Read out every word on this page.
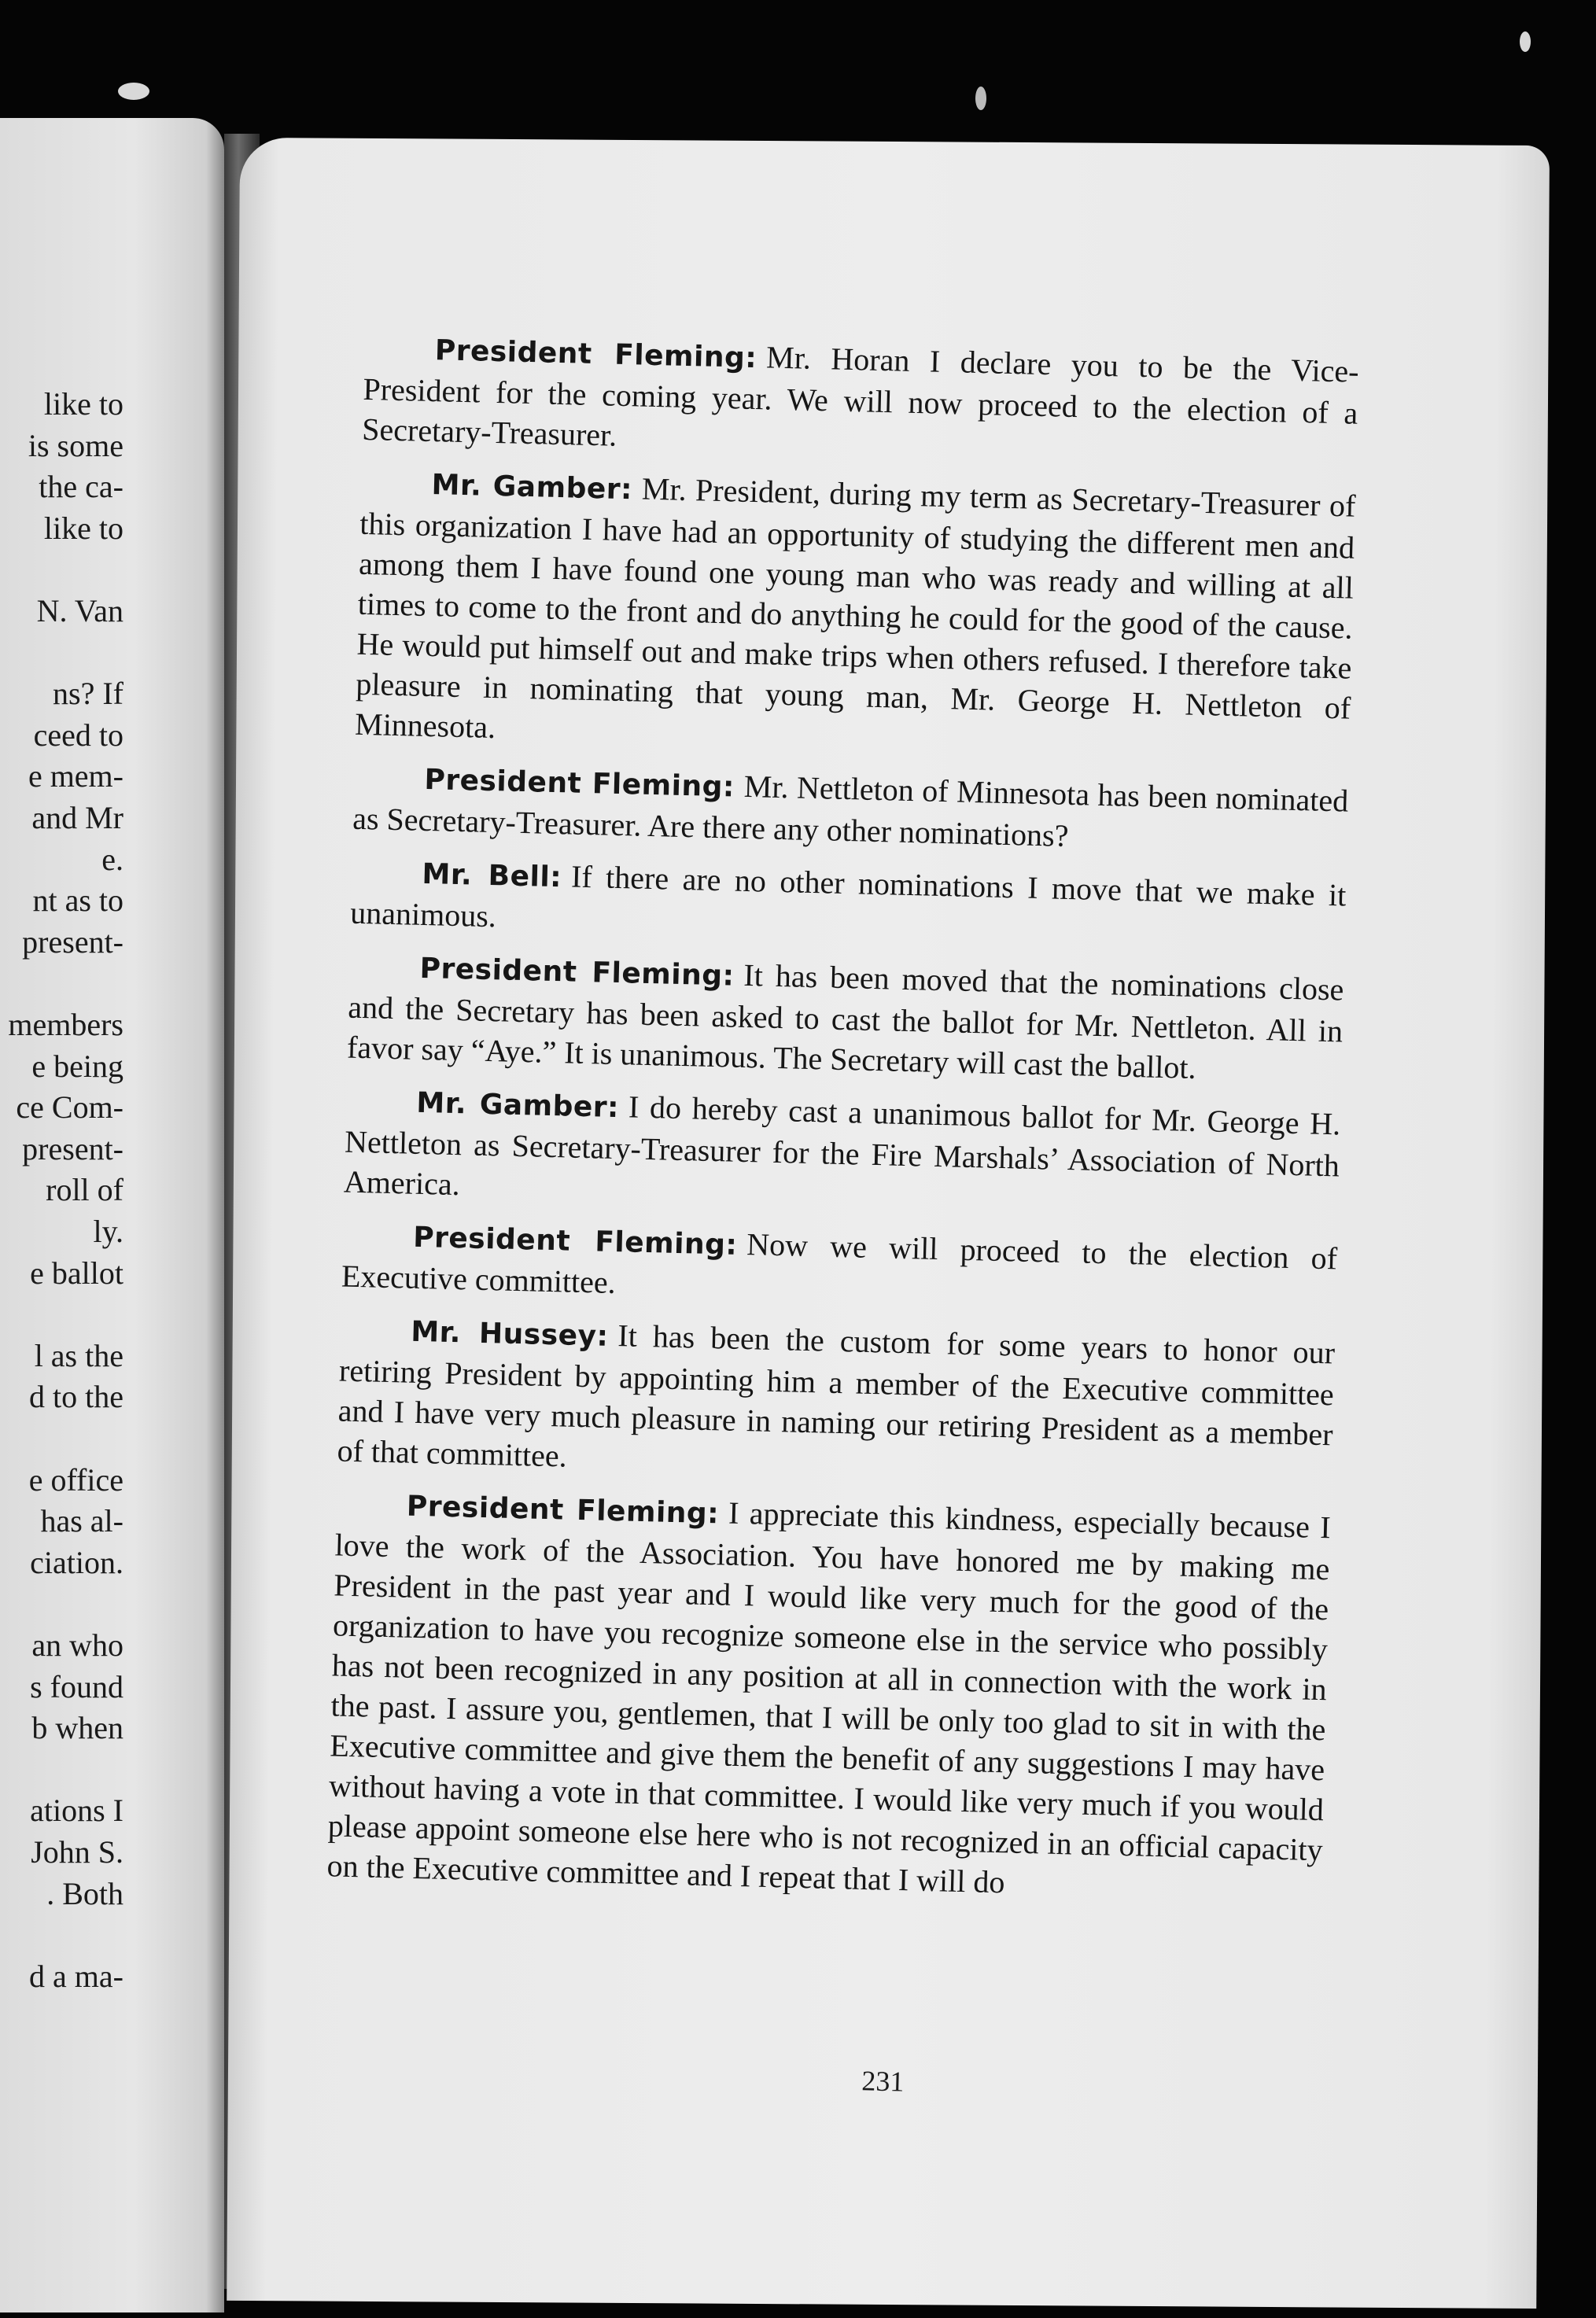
like to
is some
the ca-
like to
N. Van
ns? If
ceed to
e mem-
and Mr
e.
nt as to
present-
members
e being
ce Com-
present-
roll of
ly.
e ballot
l as the
d to the
e office
has al-
ciation.
an who
s found
b when
ations I
John S.
. Both
d a ma-

President Fleming: Mr. Horan I declare you to be the Vice-President for the coming year. We will now proceed to the election of a Secretary-Treasurer.

Mr. Gamber: Mr. President, during my term as Secretary-Treasurer of this organization I have had an opportunity of studying the different men and among them I have found one young man who was ready and willing at all times to come to the front and do anything he could for the good of the cause. He would put himself out and make trips when others refused. I therefore take pleasure in nominating that young man, Mr. George H. Nettleton of Minnesota.

President Fleming: Mr. Nettleton of Minnesota has been nominated as Secretary-Treasurer. Are there any other nominations?

Mr. Bell: If there are no other nominations I move that we make it unanimous.

President Fleming: It has been moved that the nominations close and the Secretary has been asked to cast the ballot for Mr. Nettleton. All in favor say “Aye.” It is unanimous. The Secretary will cast the ballot.

Mr. Gamber: I do hereby cast a unanimous ballot for Mr. George H. Nettleton as Secretary-Treasurer for the Fire Marshals’ Association of North America.

President Fleming: Now we will proceed to the election of Executive committee.

Mr. Hussey: It has been the custom for some years to honor our retiring President by appointing him a member of the Executive committee and I have very much pleasure in naming our retiring President as a member of that committee.

President Fleming: I appreciate this kindness, especially because I love the work of the Association. You have honored me by making me President in the past year and I would like very much for the good of the organization to have you recognize someone else in the service who possibly has not been recognized in any position at all in connection with the work in the past. I assure you, gentlemen, that I will be only too glad to sit in with the Executive committee and give them the benefit of any suggestions I may have without having a vote in that committee. I would like very much if you would please appoint someone else here who is not recognized in an official capacity on the Executive committee and I repeat that I will do

231
